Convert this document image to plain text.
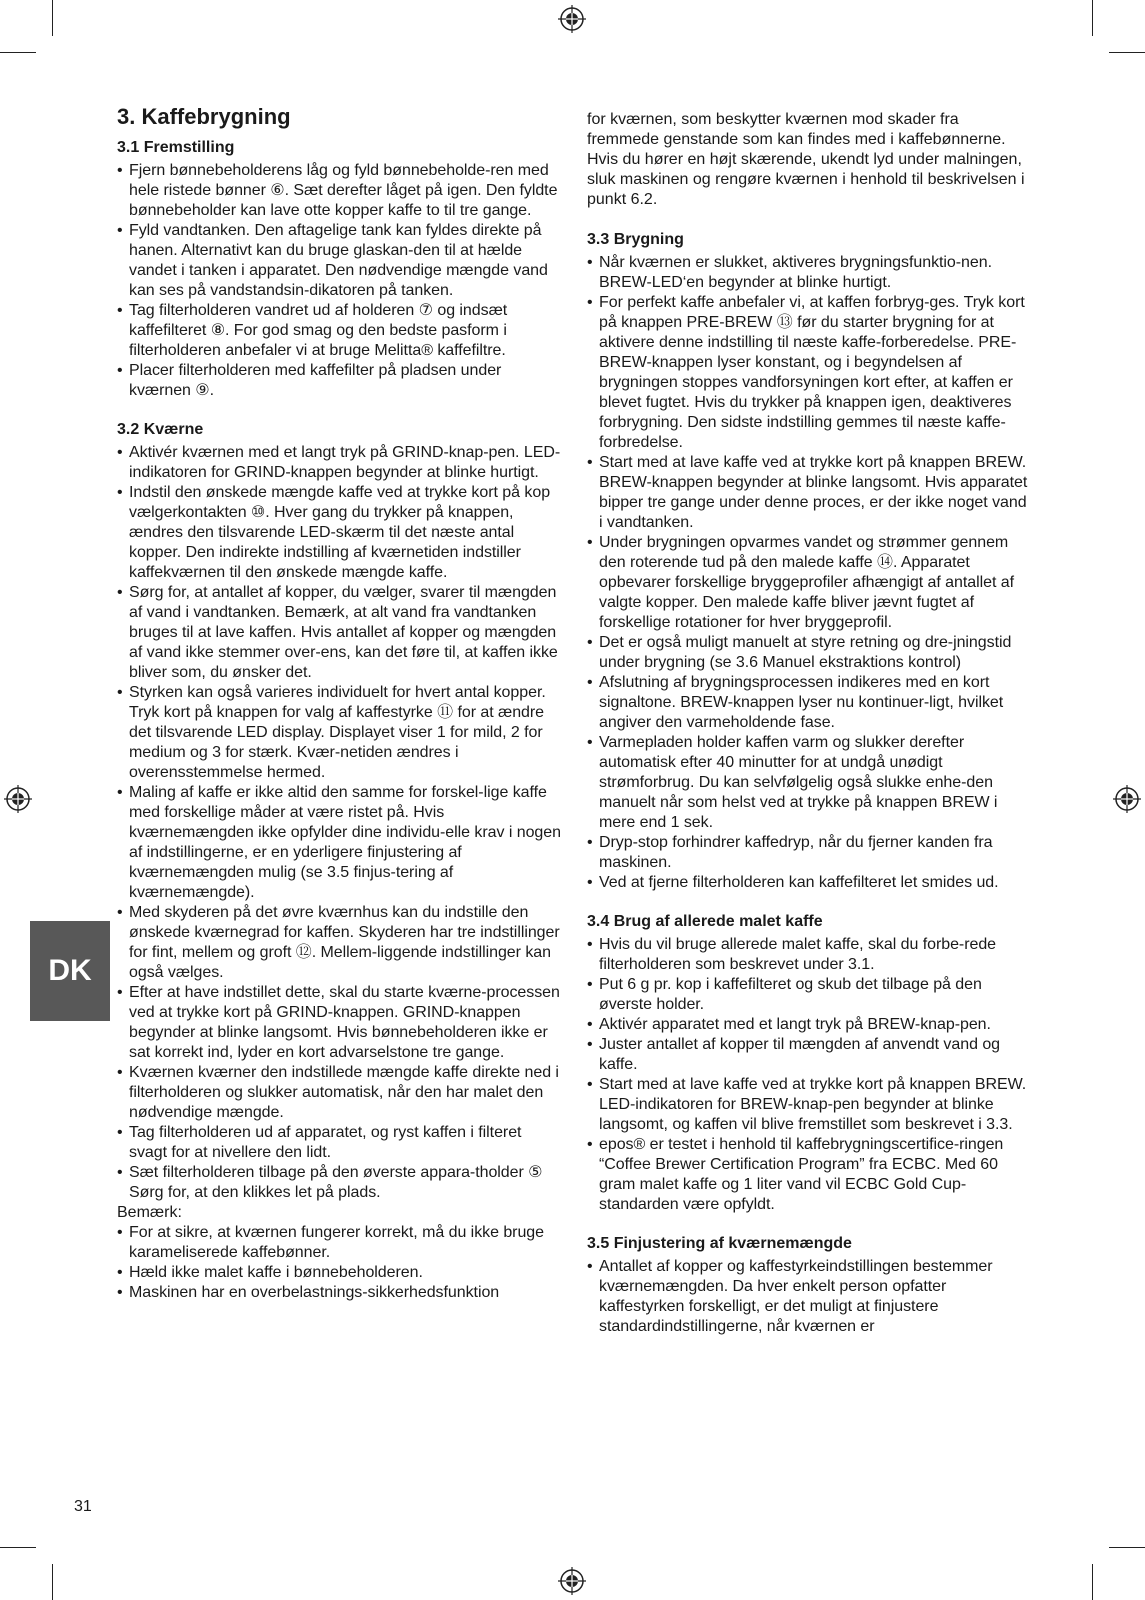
DK
3. Kaffebrygning
3.1 Fremstilling
• Fjern bønnebeholderens låg og fyld bønnebeholde-ren med hele ristede bønner ⑥. Sæt derefter låget på igen. Den fyldte bønnebeholder kan lave otte kopper kaffe to til tre gange.
• Fyld vandtanken. Den aftagelige tank kan fyldes direkte på hanen. Alternativt kan du bruge glaskan-den til at hælde vandet i tanken i apparatet. Den nødvendige mængde vand kan ses på vandstandsin-dikatoren på tanken.
• Tag filterholderen vandret ud af holderen ⑦ og indsæt kaffefilteret ⑧. For god smag og den bedste pasform i filterholderen anbefaler vi at bruge Melitta® kaffefiltre.
• Placer filterholderen med kaffefilter på pladsen under kværnen ⑨.
3.2 Kværne
• Aktivér kværnen med et langt tryk på GRIND-knap-pen. LED-indikatoren for GRIND-knappen begynder at blinke hurtigt.
• Indstil den ønskede mængde kaffe ved at trykke kort på kop vælgerkontakten ⑩. Hver gang du trykker på knappen, ændres den tilsvarende LED-skærm til det næste antal kopper. Den indirekte indstilling af kværnetiden indstiller kaffekværnen til den ønskede mængde kaffe.
• Sørg for, at antallet af kopper, du vælger, svarer til mængden af vand i vandtanken. Bemærk, at alt vand fra vandtanken bruges til at lave kaffen. Hvis antallet af kopper og mængden af vand ikke stemmer over-ens, kan det føre til, at kaffen ikke bliver som, du ønsker det.
• Styrken kan også varieres individuelt for hvert antal kopper. Tryk kort på knappen for valg af kaffestyrke ⑪ for at ændre det tilsvarende LED display. Displayet viser 1 for mild, 2 for medium og 3 for stærk. Kvær-netiden ændres i overensstemmelse hermed.
• Maling af kaffe er ikke altid den samme for forskel-lige kaffe med forskellige måder at være ristet på. Hvis kværnemængden ikke opfylder dine individu-elle krav i nogen af indstillingerne, er en yderligere finjustering af kværnemængden mulig (se 3.5 finjus-tering af kværnemængde).
• Med skyderen på det øvre kværnhus kan du indstille den ønskede kværnegrad for kaffen. Skyderen har tre indstillinger for fint, mellem og groft ⑫. Mellem-liggende indstillinger kan også vælges.
• Efter at have indstillet dette, skal du starte kværne-processen ved at trykke kort på GRIND-knappen. GRIND-knappen begynder at blinke langsomt. Hvis bønnebeholderen ikke er sat korrekt ind, lyder en kort advarselstone tre gange.
• Kværnen kværner den indstillede mængde kaffe direkte ned i filterholderen og slukker automatisk, når den har malet den nødvendige mængde.
• Tag filterholderen ud af apparatet, og ryst kaffen i filteret svagt for at nivellere den lidt.
• Sæt filterholderen tilbage på den øverste appara-tholder ⑤ Sørg for, at den klikkes let på plads.

Bemærk:

• For at sikre, at kværnen fungerer korrekt, må du ikke bruge karameliserede kaffebønner.
• Hæld ikke malet kaffe i bønnebeholderen.
• Maskinen har en overbelastnings-sikkerhedsfunktion

for kværnen, som beskytter kværnen mod skader fra fremmede genstande som kan findes med i kaffebønnerne. Hvis du hører en højt skærende, ukendt lyd under malningen, sluk maskinen og rengøre kværnen i henhold til beskrivelsen i punkt 6.2.

3.3 Brygning
• Når kværnen er slukket, aktiveres brygningsfunktio-nen. BREW-LED‘en begynder at blinke hurtigt.
• For perfekt kaffe anbefaler vi, at kaffen forbryg-ges. Tryk kort på knappen PRE-BREW ⑬ før du starter brygning for at aktivere denne indstilling til næste kaffe-forberedelse. PRE-BREW-knappen lyser konstant, og i begyndelsen af brygningen stoppes vandforsyningen kort efter, at kaffen er blevet fugtet. Hvis du trykker på knappen igen, deaktiveres forbrygning. Den sidste indstilling gemmes til næste kaffe-forbredelse.
• Start med at lave kaffe ved at trykke kort på knappen BREW. BREW-knappen begynder at blinke langsomt. Hvis apparatet bipper tre gange under denne proces, er der ikke noget vand i vandtanken.
• Under brygningen opvarmes vandet og strømmer gennem den roterende tud på den malede kaffe ⑭. Apparatet opbevarer forskellige bryggeprofiler afhængigt af antallet af valgte kopper. Den malede kaffe bliver jævnt fugtet af forskellige rotationer for hver bryggeprofil.
• Det er også muligt manuelt at styre retning og dre-jningstid under brygning (se 3.6 Manuel ekstraktions kontrol)
• Afslutning af brygningsprocessen indikeres med en kort signaltone. BREW-knappen lyser nu kontinuer-ligt, hvilket angiver den varmeholdende fase.
• Varmepladen holder kaffen varm og slukker derefter automatisk efter 40 minutter for at undgå unødigt strømforbrug. Du kan selvfølgelig også slukke enhe-den manuelt når som helst ved at trykke på knappen BREW i mere end 1 sek.
• Dryp-stop forhindrer kaffedryp, når du fjerner kanden fra maskinen.
• Ved at fjerne filterholderen kan kaffefilteret let smides ud.
3.4 Brug af allerede malet kaffe
• Hvis du vil bruge allerede malet kaffe, skal du forbe-rede filterholderen som beskrevet under 3.1.
• Put 6 g pr. kop i kaffefilteret og skub det tilbage på den øverste holder.
• Aktivér apparatet med et langt tryk på BREW-knap-pen.
• Juster antallet af kopper til mængden af anvendt vand og kaffe.
• Start med at lave kaffe ved at trykke kort på knappen BREW. LED-indikatoren for BREW-knap-pen begynder at blinke langsomt, og kaffen vil blive fremstillet som beskrevet i 3.3.
• epos® er testet i henhold til kaffebrygningscertifice-ringen “Coffee Brewer Certification Program” fra ECBC. Med 60 gram malet kaffe og 1 liter vand vil ECBC Gold Cup-standarden være opfyldt.
3.5 Finjustering af kværnemængde
• Antallet af kopper og kaffestyrkeindstillingen bestemmer kværnemængden. Da hver enkelt person opfatter kaffestyrken forskelligt, er det muligt at finjustere standardindstillingerne, når kværnen er
31
